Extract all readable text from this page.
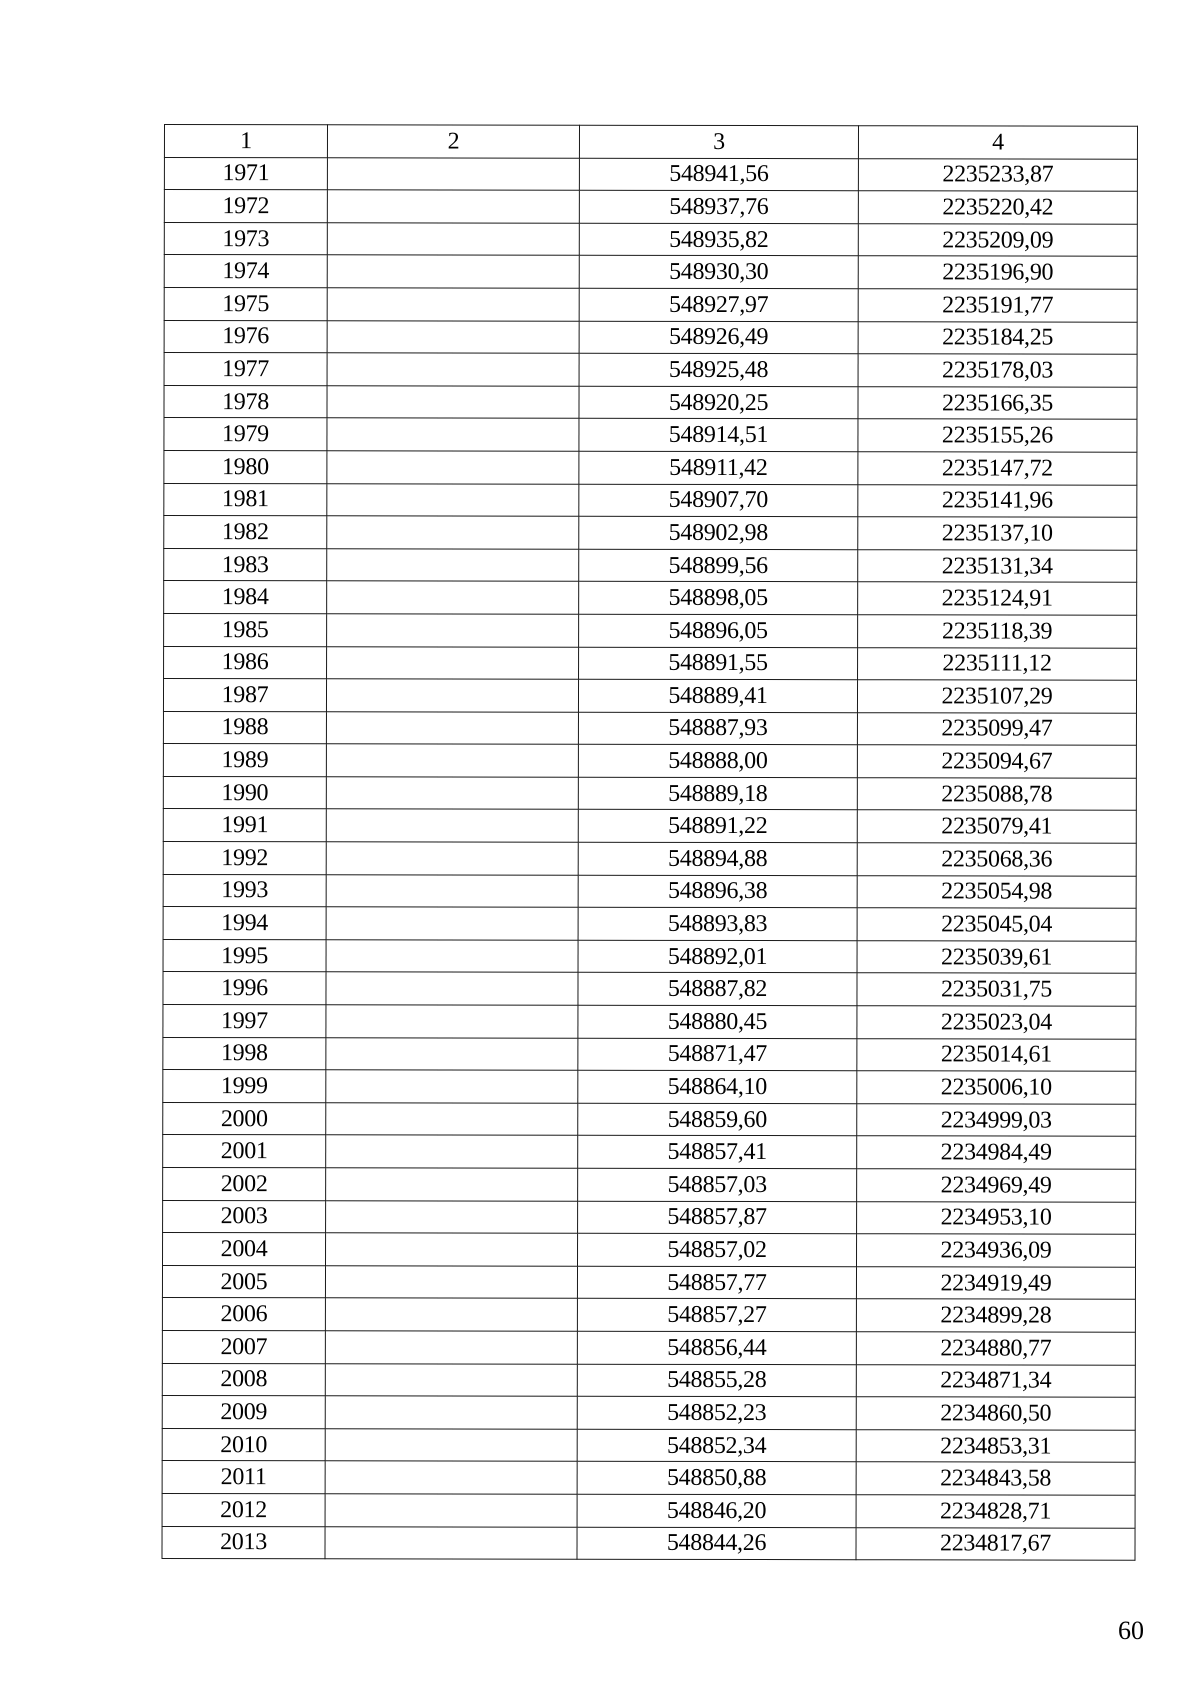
1	2	3	4
1971		548941,56	2235233,87
1972		548937,76	2235220,42
1973		548935,82	2235209,09
1974		548930,30	2235196,90
1975		548927,97	2235191,77
1976		548926,49	2235184,25
1977		548925,48	2235178,03
1978		548920,25	2235166,35
1979		548914,51	2235155,26
1980		548911,42	2235147,72
1981		548907,70	2235141,96
1982		548902,98	2235137,10
1983		548899,56	2235131,34
1984		548898,05	2235124,91
1985		548896,05	2235118,39
1986		548891,55	2235111,12
1987		548889,41	2235107,29
1988		548887,93	2235099,47
1989		548888,00	2235094,67
1990		548889,18	2235088,78
1991		548891,22	2235079,41
1992		548894,88	2235068,36
1993		548896,38	2235054,98
1994		548893,83	2235045,04
1995		548892,01	2235039,61
1996		548887,82	2235031,75
1997		548880,45	2235023,04
1998		548871,47	2235014,61
1999		548864,10	2235006,10
2000		548859,60	2234999,03
2001		548857,41	2234984,49
2002		548857,03	2234969,49
2003		548857,87	2234953,10
2004		548857,02	2234936,09
2005		548857,77	2234919,49
2006		548857,27	2234899,28
2007		548856,44	2234880,77
2008		548855,28	2234871,34
2009		548852,23	2234860,50
2010		548852,34	2234853,31
2011		548850,88	2234843,58
2012		548846,20	2234828,71
2013		548844,26	2234817,67
60
